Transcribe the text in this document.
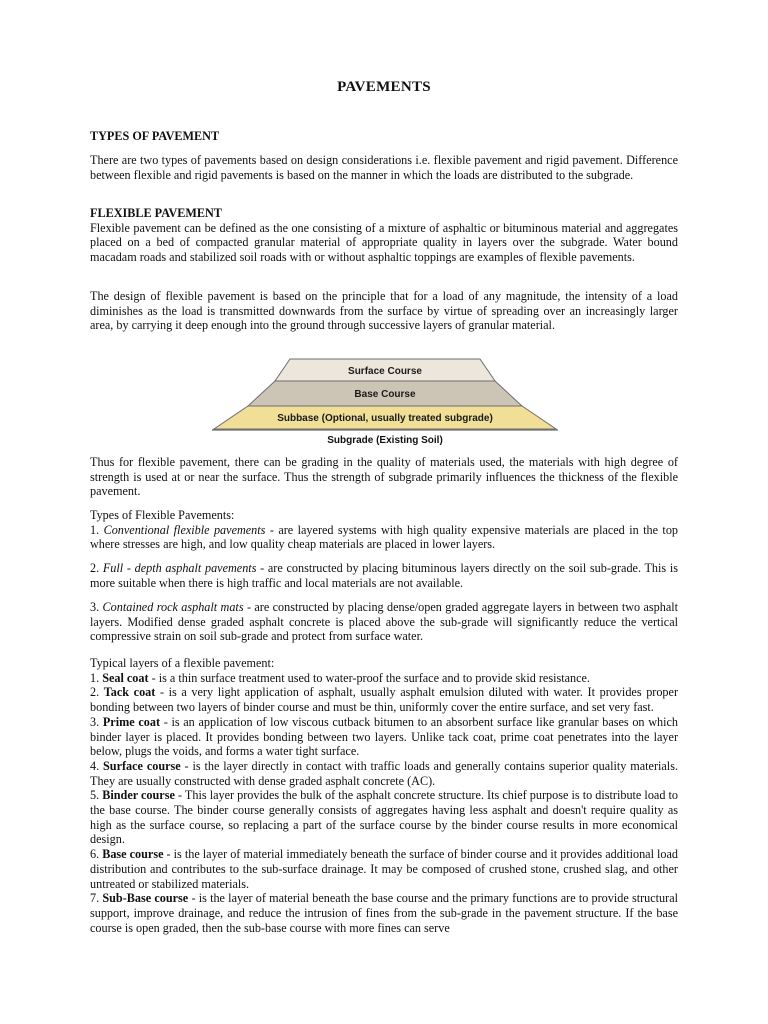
PAVEMENTS

TYPES OF PAVEMENT

There are two types of pavements based on design considerations i.e. flexible pavement and rigid pavement. Difference between flexible and rigid pavements is based on the manner in which the loads are distributed to the subgrade.

FLEXIBLE PAVEMENT

Flexible pavement can be defined as the one consisting of a mixture of asphaltic or bituminous material and aggregates placed on a bed of compacted granular material of appropriate quality in layers over the subgrade. Water bound macadam roads and stabilized soil roads with or without asphaltic toppings are examples of flexible pavements.

The design of flexible pavement is based on the principle that for a load of any magnitude, the intensity of a load diminishes as the load is transmitted downwards from the surface by virtue of spreading over an increasingly larger area, by carrying it deep enough into the ground through successive layers of granular material.

Surface Course
Base Course
Subbase (Optional, usually treated subgrade)
Subgrade (Existing Soil)

Thus for flexible pavement, there can be grading in the quality of materials used, the materials with high degree of strength is used at or near the surface. Thus the strength of subgrade primarily influences the thickness of the flexible pavement.

Types of Flexible Pavements:

1. Conventional flexible pavements - are layered systems with high quality expensive materials are placed in the top where stresses are high, and low quality cheap materials are placed in lower layers.

2. Full - depth asphalt pavements - are constructed by placing bituminous layers directly on the soil sub-grade. This is more suitable when there is high traffic and local materials are not available.

3. Contained rock asphalt mats - are constructed by placing dense/open graded aggregate layers in between two asphalt layers. Modified dense graded asphalt concrete is placed above the sub-grade will significantly reduce the vertical compressive strain on soil sub-grade and protect from surface water.

Typical layers of a flexible pavement:

1. Seal coat - is a thin surface treatment used to water-proof the surface and to provide skid resistance.

2. Tack coat - is a very light application of asphalt, usually asphalt emulsion diluted with water. It provides proper bonding between two layers of binder course and must be thin, uniformly cover the entire surface, and set very fast.

3. Prime coat - is an application of low viscous cutback bitumen to an absorbent surface like granular bases on which binder layer is placed. It provides bonding between two layers. Unlike tack coat, prime coat penetrates into the layer below, plugs the voids, and forms a water tight surface.

4. Surface course - is the layer directly in contact with traffic loads and generally contains superior quality materials. They are usually constructed with dense graded asphalt concrete (AC).

5. Binder course - This layer provides the bulk of the asphalt concrete structure. Its chief purpose is to distribute load to the base course. The binder course generally consists of aggregates having less asphalt and doesn't require quality as high as the surface course, so replacing a part of the surface course by the binder course results in more economical design.

6. Base course - is the layer of material immediately beneath the surface of binder course and it provides additional load distribution and contributes to the sub-surface drainage. It may be composed of crushed stone, crushed slag, and other untreated or stabilized materials.

7. Sub-Base course - is the layer of material beneath the base course and the primary functions are to provide structural support, improve drainage, and reduce the intrusion of fines from the sub-grade in the pavement structure. If the base course is open graded, then the sub-base course with more fines can serve
